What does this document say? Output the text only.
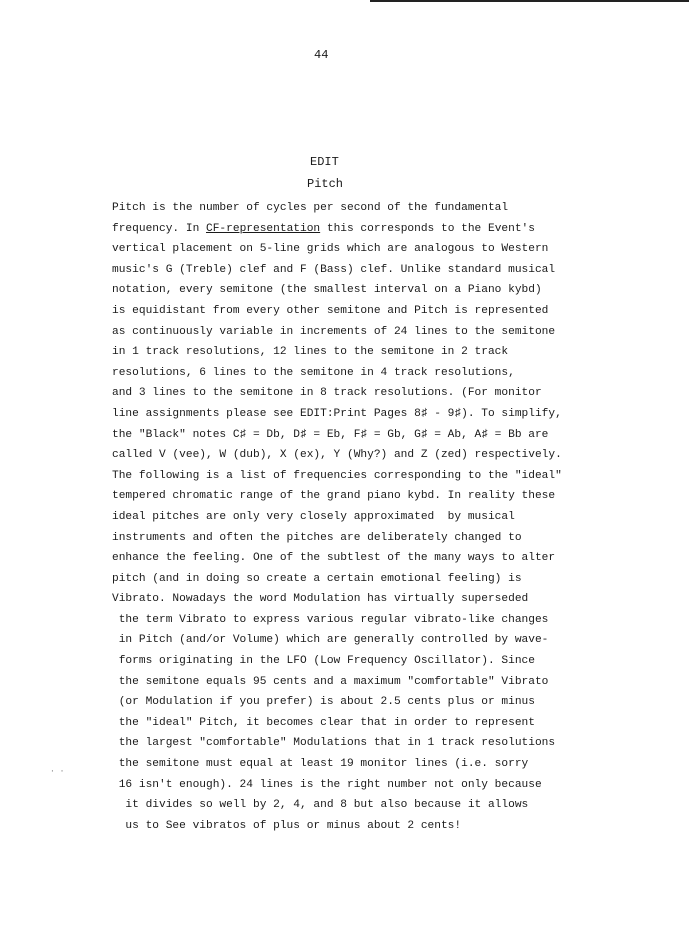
44
EDIT
Pitch
Pitch is the number of cycles per second of the fundamental
frequency. In CF-representation this corresponds to the Event's
vertical placement on 5-line grids which are analogous to Western
music's G (Treble) clef and F (Bass) clef. Unlike standard musical
notation, every semitone (the smallest interval on a Piano kybd)
is equidistant from every other semitone and Pitch is represented
as continuously variable in increments of 24 lines to the semitone
in 1 track resolutions, 12 lines to the semitone in 2 track
resolutions, 6 lines to the semitone in 4 track resolutions,
and 3 lines to the semitone in 8 track resolutions. (For monitor
line assignments please see EDIT:Print Pages 8♯ - 9♯). To simplify,
the "Black" notes C♯ = Db, D♯ = Eb, F♯ = Gb, G♯ = Ab, A♯ = Bb are
called V (vee), W (dub), X (ex), Y (Why?) and Z (zed) respectively.
The following is a list of frequencies corresponding to the "ideal"
tempered chromatic range of the grand piano kybd. In reality these
ideal pitches are only very closely approximated  by musical
instruments and often the pitches are deliberately changed to
enhance the feeling. One of the subtlest of the many ways to alter
pitch (and in doing so create a certain emotional feeling) is
Vibrato. Nowadays the word Modulation has virtually superseded
the term Vibrato to express various regular vibrato-like changes
in Pitch (and/or Volume) which are generally controlled by wave-
forms originating in the LFO (Low Frequency Oscillator). Since
the semitone equals 95 cents and a maximum "comfortable" Vibrato
(or Modulation if you prefer) is about 2.5 cents plus or minus
the "ideal" Pitch, it becomes clear that in order to represent
the largest "comfortable" Modulations that in 1 track resolutions
the semitone must equal at least 19 monitor lines (i.e. sorry
16 isn't enough). 24 lines is the right number not only because
it divides so well by 2, 4, and 8 but also because it allows
us to See vibratos of plus or minus about 2 cents!
· ·
